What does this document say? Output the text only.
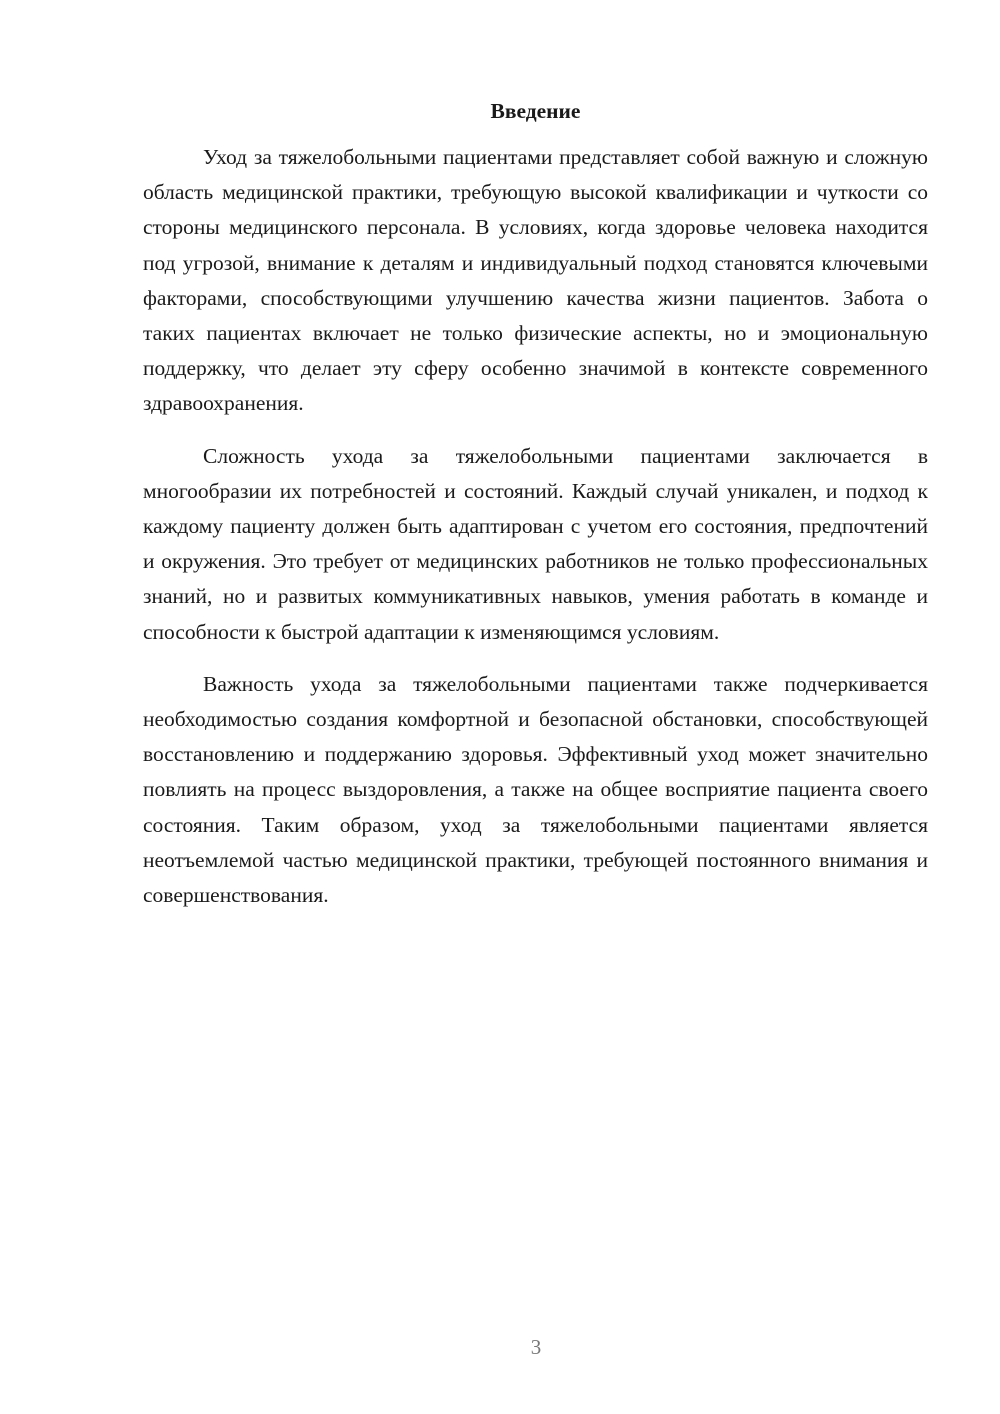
Введение

Уход за тяжелобольными пациентами представляет собой важную и сложную область медицинской практики, требующую высокой квалификации и чуткости со стороны медицинского персонала. В условиях, когда здоровье человека находится под угрозой, внимание к деталям и индивидуальный подход становятся ключевыми факторами, способствующими улучшению качества жизни пациентов. Забота о таких пациентах включает не только физические аспекты, но и эмоциональную поддержку, что делает эту сферу особенно значимой в контексте современного здравоохранения.

Сложность ухода за тяжелобольными пациентами заключается в многообразии их потребностей и состояний. Каждый случай уникален, и подход к каждому пациенту должен быть адаптирован с учетом его состояния, предпочтений и окружения. Это требует от медицинских работников не только профессиональных знаний, но и развитых коммуникативных навыков, умения работать в команде и способности к быстрой адаптации к изменяющимся условиям.

Важность ухода за тяжелобольными пациентами также подчеркивается необходимостью создания комфортной и безопасной обстановки, способствующей восстановлению и поддержанию здоровья. Эффективный уход может значительно повлиять на процесс выздоровления, а также на общее восприятие пациента своего состояния. Таким образом, уход за тяжелобольными пациентами является неотъемлемой частью медицинской практики, требующей постоянного внимания и совершенствования.

3
